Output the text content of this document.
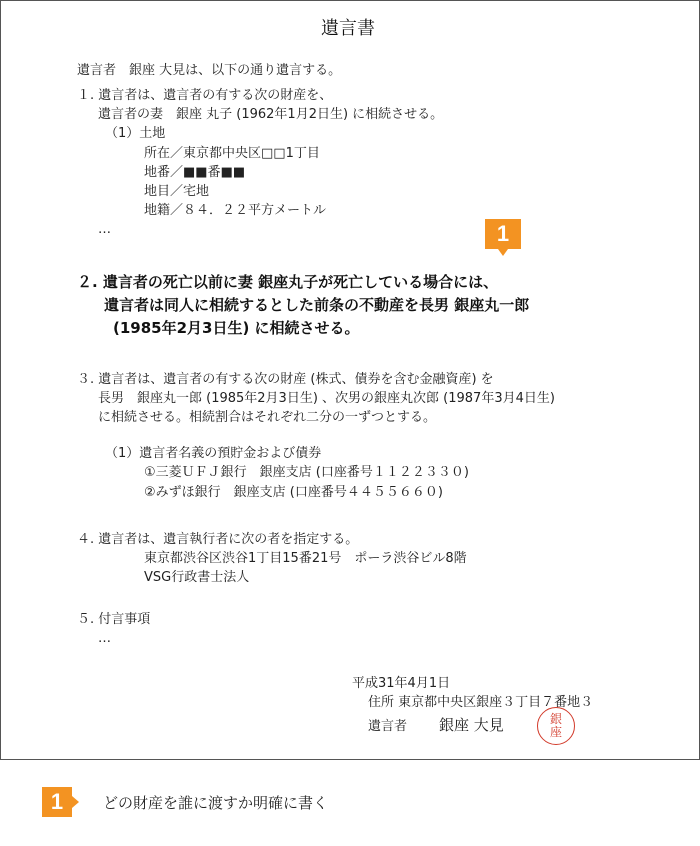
遺言書
遺言者　銀座 大見は、以下の通り遺言する。
１. 遺言者は、遺言者の有する次の財産を、
遺言者の妻　銀座 丸子 (1962年1月2日生) に相続させる。
（1）土地
所在／東京都中央区□□1丁目
地番／■■番■■
地目／宅地
地籍／８４．２２平方メートル
…	1
２. 遺言者の死亡以前に妻 銀座丸子が死亡している場合には、
遺言者は同人に相続するとした前条の不動産を長男 銀座丸一郎
(1985年2月3日生) に相続させる。
３. 遺言者は、遺言者の有する次の財産 (株式、債券を含む金融資産) を
長男　銀座丸一郎 (1985年2月3日生) 、次男の銀座丸次郎 (1987年3月4日生)
に相続させる。相続割合はそれぞれ二分の一ずつとする。
（1）遺言者名義の預貯金および債券
①三菱ＵＦＪ銀行　銀座支店 (口座番号１１２２３３０)
②みずほ銀行　銀座支店 (口座番号４４５５６６０)
４. 遺言者は、遺言執行者に次の者を指定する。
東京都渋谷区渋谷1丁目15番21号　ポーラ渋谷ビル8階
VSG行政書士法人
５. 付言事項
…
平成31年4月1日
住所 東京都中央区銀座３丁目７番地３
遺言者 銀座 大見	銀
座
1	どの財産を誰に渡すか明確に書く
